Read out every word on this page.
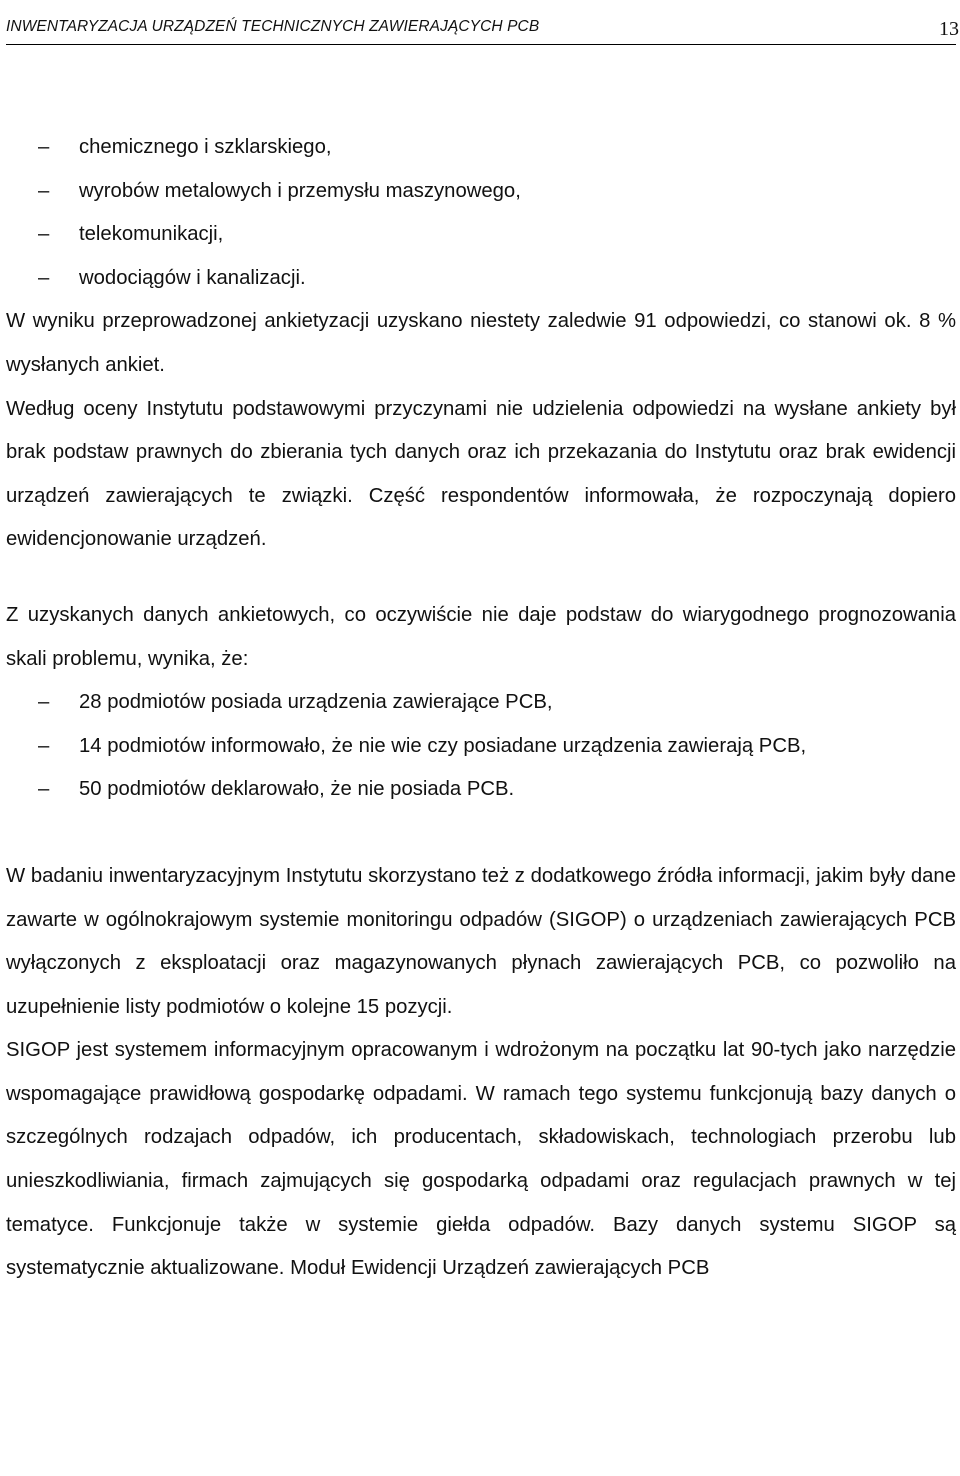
INWENTARYZACJA URZĄDZEŃ TECHNICZNYCH ZAWIERAJĄCYCH PCB	13
– chemicznego i szklarskiego,
– wyrobów metalowych i przemysłu maszynowego,
– telekomunikacji,
– wodociągów i kanalizacji.

W wyniku przeprowadzonej ankietyzacji uzyskano niestety zaledwie 91 odpowiedzi, co stanowi ok. 8 % wysłanych ankiet.

Według oceny Instytutu podstawowymi przyczynami nie udzielenia odpowiedzi na wysłane ankiety był brak podstaw prawnych do zbierania tych danych oraz ich przekazania do Instytutu oraz brak ewidencji urządzeń zawierających te związki. Część respondentów informowała, że rozpoczynają dopiero ewidencjonowanie urządzeń.

Z uzyskanych danych ankietowych, co oczywiście nie daje podstaw do wiarygodnego prognozowania skali problemu, wynika, że:

– 28 podmiotów posiada urządzenia zawierające PCB,
– 14 podmiotów informowało, że nie wie czy posiadane urządzenia zawierają PCB,
– 50 podmiotów deklarowało, że nie posiada PCB.

W badaniu inwentaryzacyjnym Instytutu skorzystano też z dodatkowego źródła informacji, jakim były dane zawarte w ogólnokrajowym systemie monitoringu odpadów (SIGOP) o urządzeniach zawierających PCB wyłączonych z eksploatacji oraz magazynowanych płynach zawierających PCB, co pozwoliło na uzupełnienie listy podmiotów o kolejne 15 pozycji.

SIGOP jest systemem informacyjnym opracowanym i wdrożonym na początku lat 90-tych jako narzędzie wspomagające prawidłową gospodarkę odpadami. W ramach tego systemu funkcjonują bazy danych o szczególnych rodzajach odpadów, ich producentach, składowiskach, technologiach przerobu lub unieszkodliwiania, firmach zajmujących się gospodarką odpadami oraz regulacjach prawnych w tej tematyce. Funkcjonuje także w systemie giełda odpadów. Bazy danych systemu SIGOP są systematycznie aktualizowane. Moduł Ewidencji Urządzeń zawierających PCB
